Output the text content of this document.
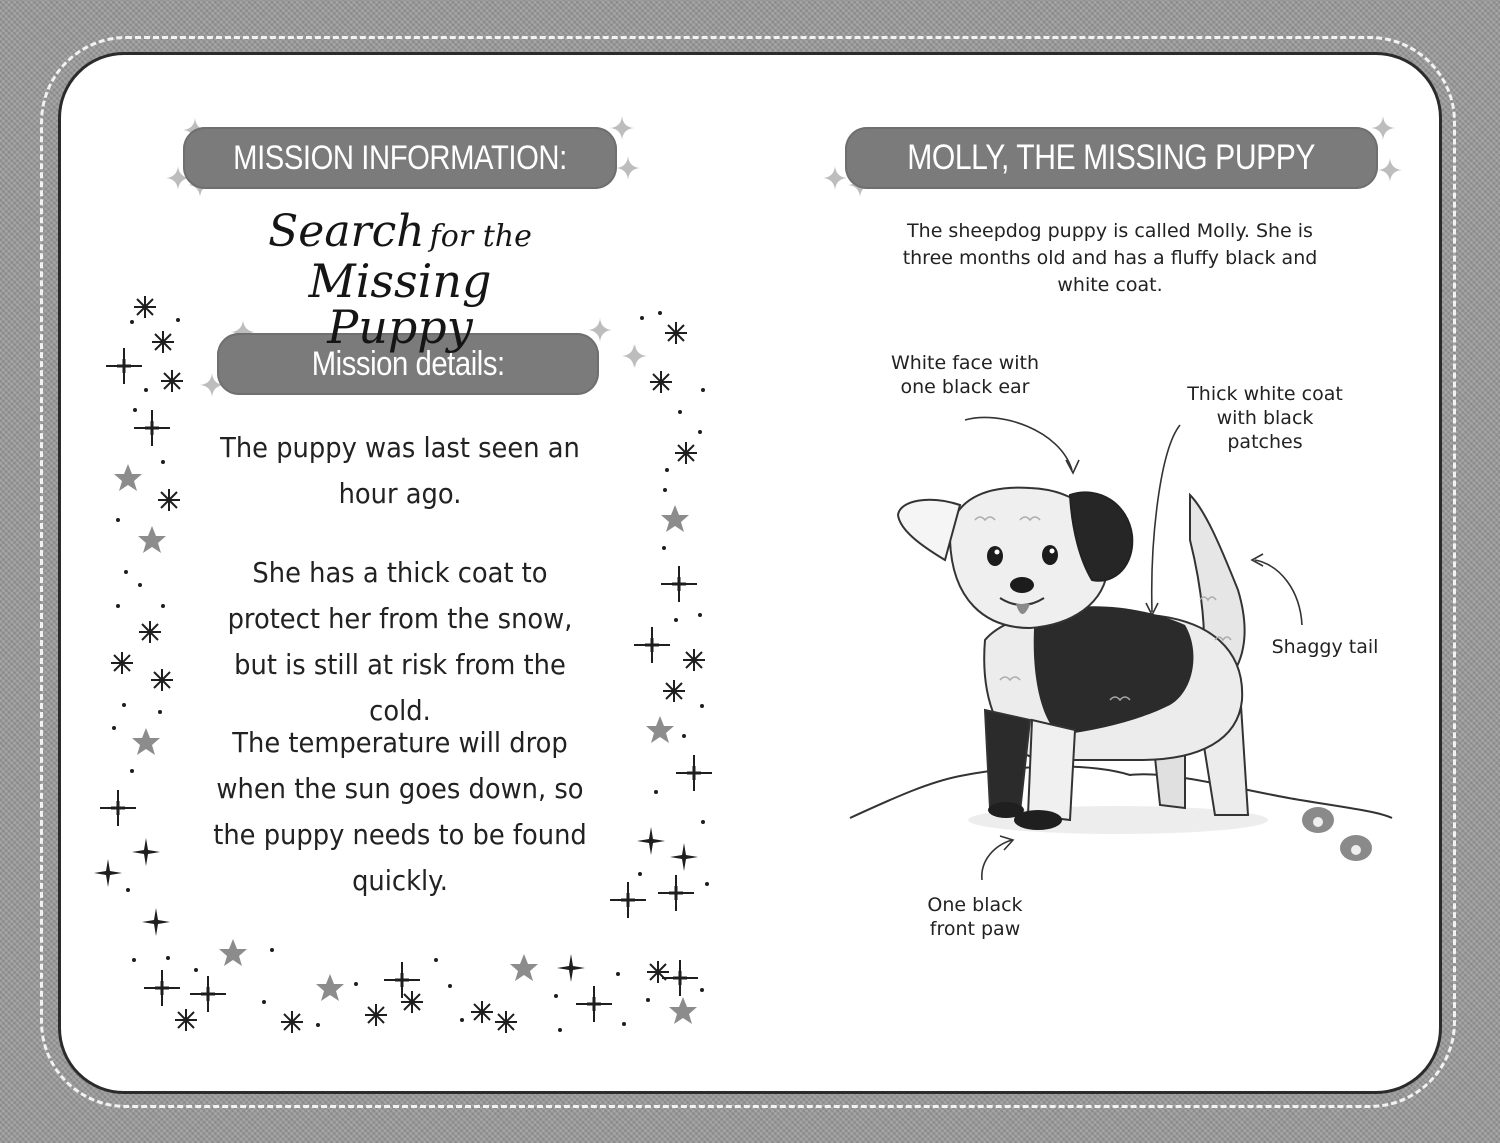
MISSION INFORMATION:
Mission details:
MOLLY, THE MISSING PUPPY
Search for the
Missing Puppy
The puppy was last seen an hour ago.
She has a thick coat to protect her from the snow, but is still at risk from the cold.
The temperature will drop when the sun goes down, so the puppy needs to be found quickly.
The sheepdog puppy is called Molly. She is three months old and has a fluffy black and white coat.
White face with one black ear	Thick white coat with black patches
Shaggy tail
One black front paw
